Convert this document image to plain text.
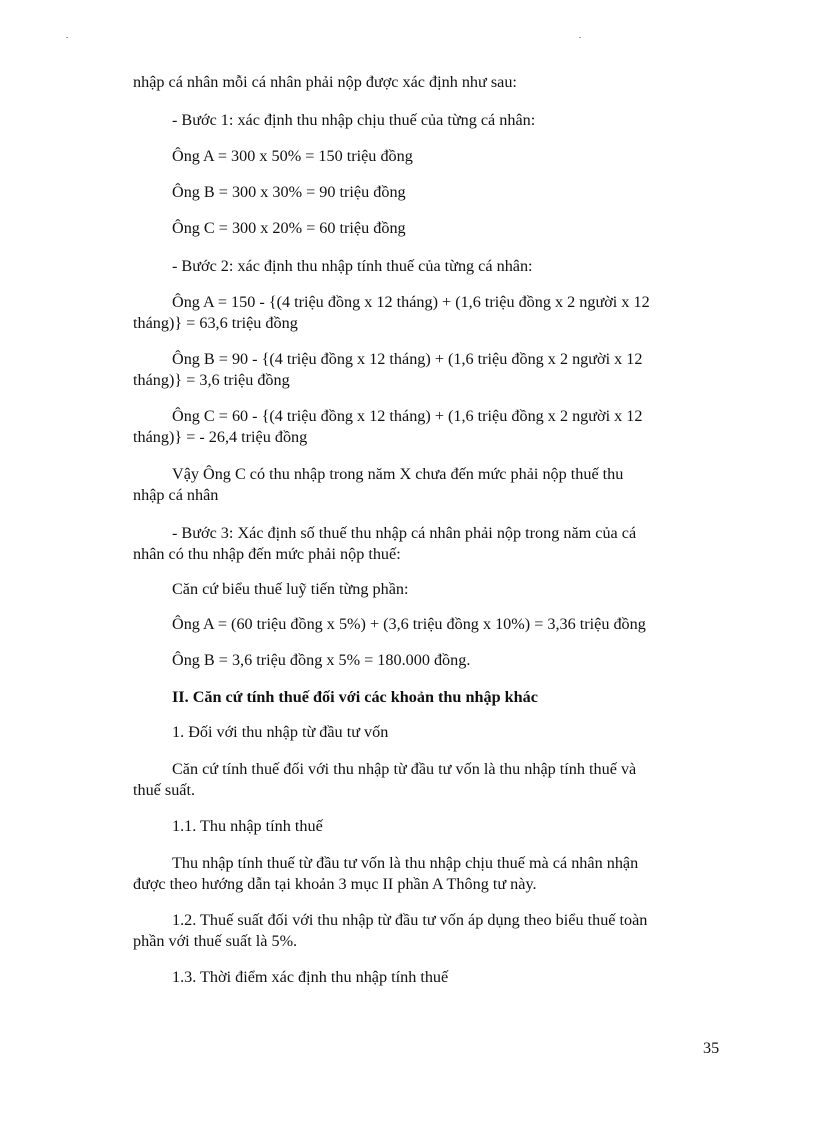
nhập cá nhân mỗi cá nhân phải nộp được xác định như sau:
- Bước 1: xác định thu nhập chịu thuế của từng cá nhân:
Ông A = 300 x 50% = 150 triệu đồng
Ông B = 300 x 30% = 90 triệu đồng
Ông C = 300 x 20% = 60 triệu đồng
- Bước 2: xác định thu nhập tính thuế của từng cá nhân:
Ông A = 150 - {(4 triệu đồng x 12 tháng) + (1,6 triệu đồng x 2 người x 12
tháng)} = 63,6 triệu đồng
Ông B = 90 - {(4 triệu đồng x 12 tháng) + (1,6 triệu đồng x 2 người x 12
tháng)} = 3,6 triệu đồng
Ông C = 60 - {(4 triệu đồng x 12 tháng) + (1,6 triệu đồng x 2 người x 12
tháng)} = - 26,4 triệu đồng
Vậy Ông C có thu nhập trong năm X chưa đến mức phải nộp thuế thu
nhập cá nhân
- Bước 3: Xác định số thuế thu nhập cá nhân phải nộp trong năm của cá
nhân có thu nhập đến mức phải nộp thuế:
Căn cứ biểu thuế luỹ tiến từng phần:
Ông A = (60 triệu đồng x 5%) + (3,6 triệu đồng x 10%) = 3,36 triệu đồng
Ông B = 3,6 triệu đồng x 5% = 180.000 đồng.
II. Căn cứ tính thuế đối với các khoản thu nhập khác
1. Đối với thu nhập từ đầu tư vốn
Căn cứ tính thuế đối với thu nhập từ đầu tư vốn là thu nhập tính thuế và
thuế suất.
1.1. Thu nhập tính thuế
Thu nhập tính thuế từ đầu tư vốn là thu nhập chịu thuế mà cá nhân nhận
được theo hướng dẫn tại khoản 3 mục II phần A Thông tư này.
1.2. Thuế suất đối với thu nhập từ đầu tư vốn áp dụng theo biểu thuế toàn
phần với thuế suất là 5%.
1.3. Thời điểm xác định thu nhập tính thuế
35
